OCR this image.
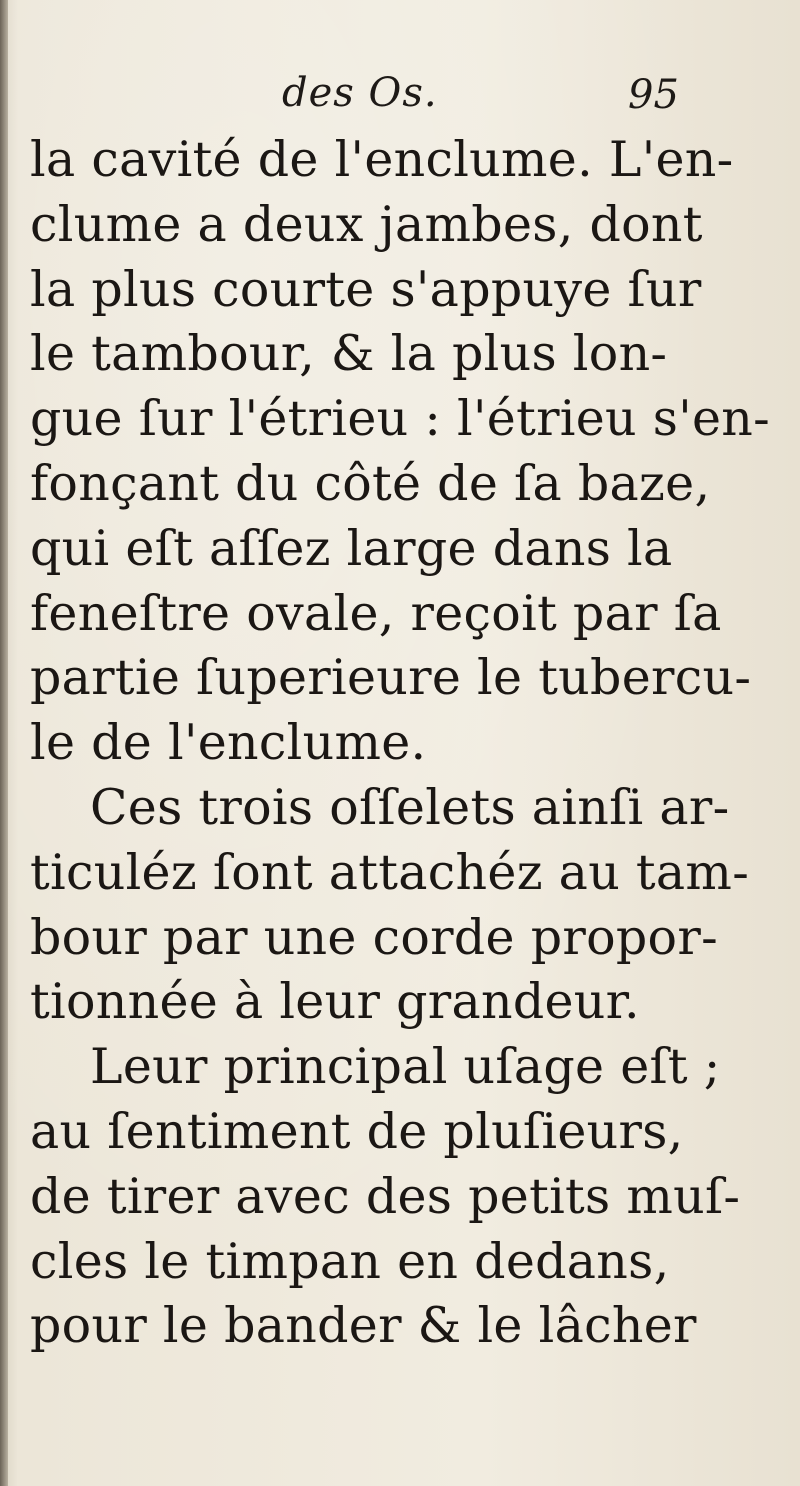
des Os.	95
la cavité de l'enclume. L'en-
clume a deux jambes, dont
la plus courte s'appuye ſur
le tambour, & la plus lon-
gue ſur l'étrieu : l'étrieu s'en-
fonçant du côté de ſa baze,
qui eſt aſſez large dans la
feneſtre ovale, reçoit par ſa
partie ſuperieure le tubercu-
le de l'enclume.
Ces trois oſſelets ainſi ar-
ticuléz ſont attachéz au tam-
bour par une corde propor-
tionnée à leur grandeur.
Leur principal uſage eſt ;
au ſentiment de pluſieurs,
de tirer avec des petits muſ-
cles le timpan en dedans,
pour le bander & le lâcher
